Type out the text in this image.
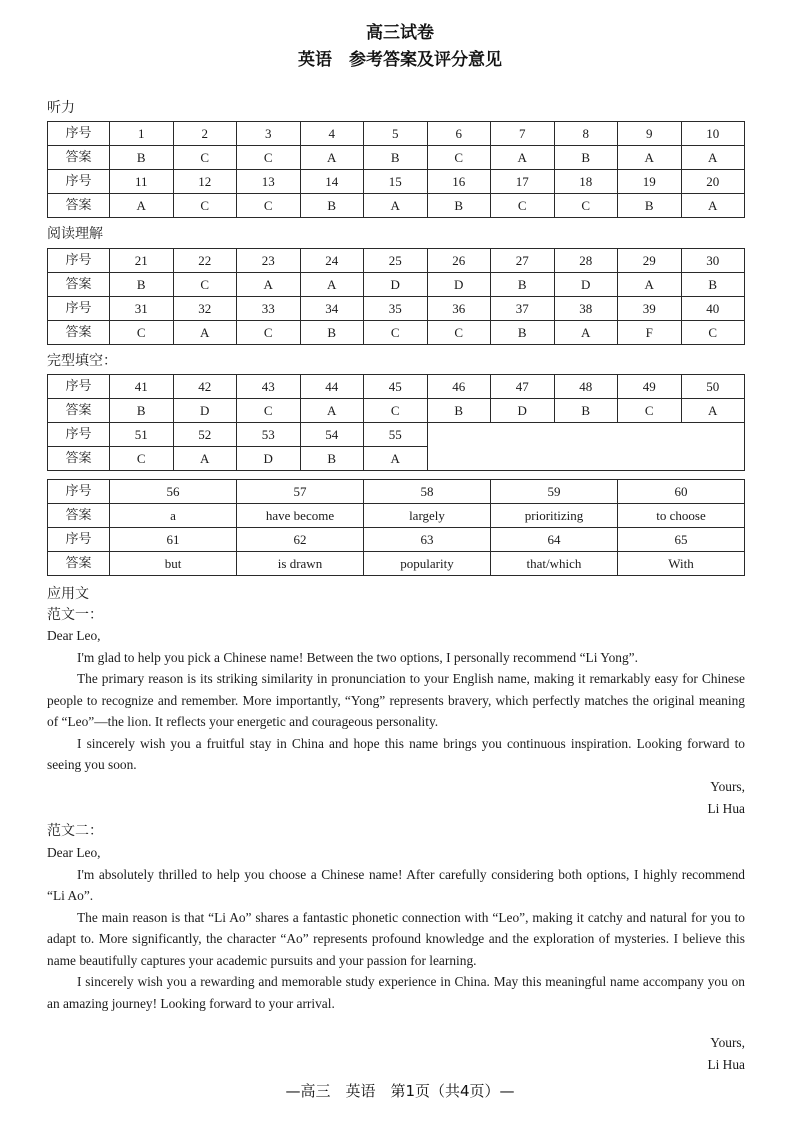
高三试卷
英语　参考答案及评分意见
听力
序号	1	2	3	4	5	6	7	8	9	10
答案	B	C	C	A	B	C	A	B	A	A
序号	11	12	13	14	15	16	17	18	19	20
答案	A	C	C	B	A	B	C	C	B	A
阅读理解
序号	21	22	23	24	25	26	27	28	29	30
答案	B	C	A	A	D	D	B	D	A	B
序号	31	32	33	34	35	36	37	38	39	40
答案	C	A	C	B	C	C	B	A	F	C
完型填空：
序号	41	42	43	44	45	46	47	48	49	50
答案	B	D	C	A	C	B	D	B	C	A
序号	51	52	53	54	55					
答案	C	A	D	B	A					
序号	56	57	58	59	60
答案	a	have become	largely	prioritizing	to choose
序号	61	62	63	64	65
答案	but	is drawn	popularity	that/which	With
应用文
范文一：

Dear Leo,

I'm glad to help you pick a Chinese name! Between the two options, I personally recommend “Li Yong”.

The primary reason is its striking similarity in pronunciation to your English name, making it remarkably easy for Chinese people to recognize and remember. More importantly, “Yong” represents bravery, which perfectly matches the original meaning of “Leo”—the lion. It reflects your energetic and courageous personality.

I sincerely wish you a fruitful stay in China and hope this name brings you continuous inspiration. Looking forward to seeing you soon.

Yours,
Li Hua
范文二：

Dear Leo,

I'm absolutely thrilled to help you choose a Chinese name! After carefully considering both options, I highly recommend “Li Ao”.

The main reason is that “Li Ao” shares a fantastic phonetic connection with “Leo”, making it catchy and natural for you to adapt to. More significantly, the character “Ao” represents profound knowledge and the exploration of mysteries. I believe this name beautifully captures your academic pursuits and your passion for learning.

I sincerely wish you a rewarding and memorable study experience in China. May this meaningful name accompany you on an amazing journey! Looking forward to your arrival.

Yours,
Li Hua
—高三　英语　第1页（共4页）—
